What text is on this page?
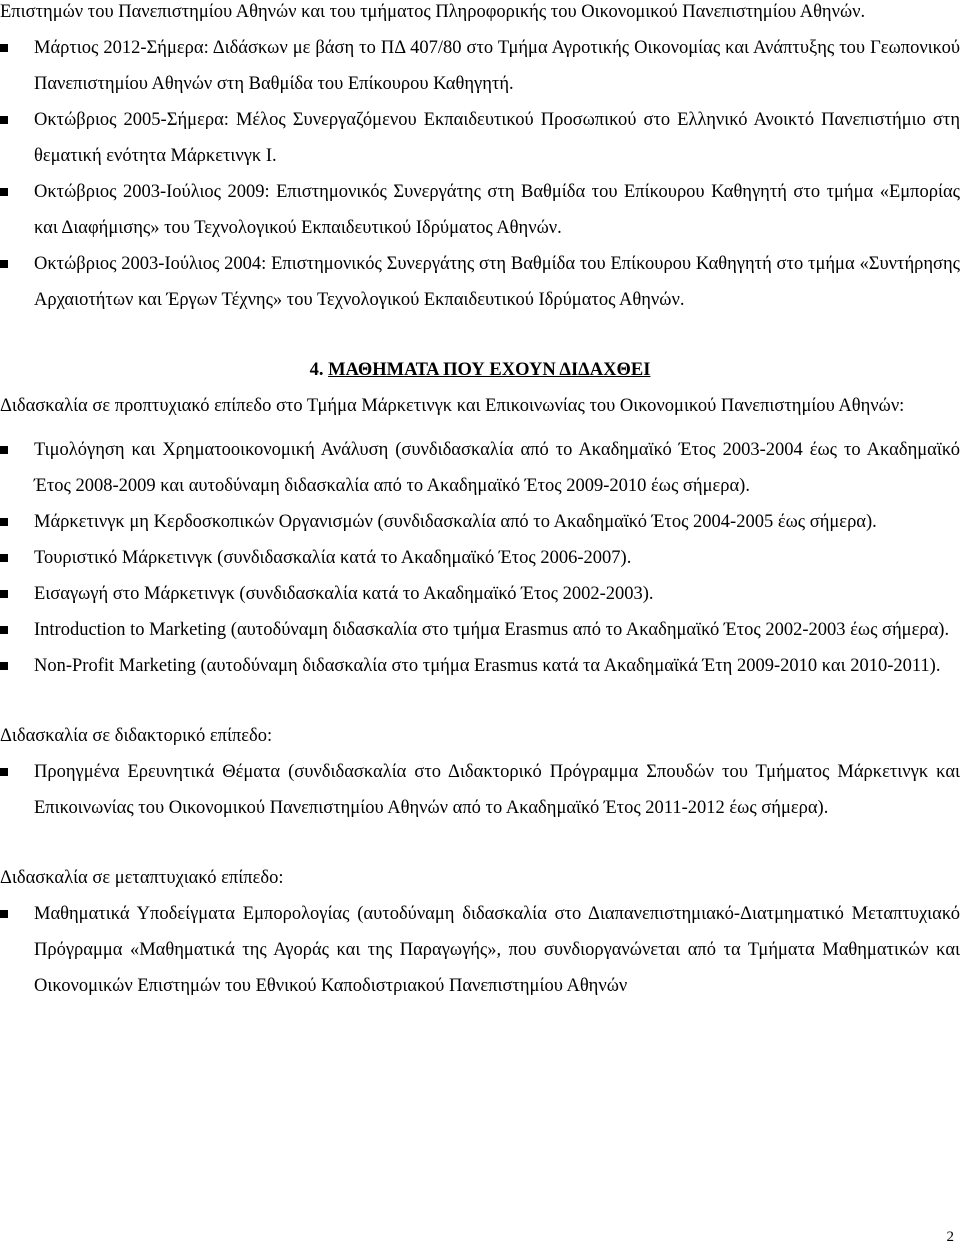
Επιστημών του Πανεπιστημίου Αθηνών και του τμήματος Πληροφορικής του Οικονομικού Πανεπιστημίου Αθηνών.

Μάρτιος 2012-Σήμερα: Διδάσκων με βάση το ΠΔ 407/80 στο Τμήμα Αγροτικής Οικονομίας και Ανάπτυξης του Γεωπονικού Πανεπιστημίου Αθηνών στη Βαθμίδα του Επίκουρου Καθηγητή.
Οκτώβριος 2005-Σήμερα: Μέλος Συνεργαζόμενου Εκπαιδευτικού Προσωπικού στο Ελληνικό Ανοικτό Πανεπιστήμιο στη θεματική ενότητα Μάρκετινγκ Ι.
Οκτώβριος 2003-Ιούλιος 2009: Επιστημονικός Συνεργάτης στη Βαθμίδα του Επίκουρου Καθηγητή στο τμήμα «Εμπορίας και Διαφήμισης» του Τεχνολογικού Εκπαιδευτικού Ιδρύματος Αθηνών.
Οκτώβριος 2003-Ιούλιος 2004: Επιστημονικός Συνεργάτης στη Βαθμίδα του Επίκουρου Καθηγητή στο τμήμα «Συντήρησης Αρχαιοτήτων και Έργων Τέχνης» του Τεχνολογικού Εκπαιδευτικού Ιδρύματος Αθηνών.

4. ΜΑΘΗΜΑΤΑ ΠΟΥ ΕΧΟΥΝ ΔΙΔΑΧΘΕΙ

Διδασκαλία σε προπτυχιακό επίπεδο στο Τμήμα Μάρκετινγκ και Επικοινωνίας του Οικονομικού Πανεπιστημίου Αθηνών:

Τιμολόγηση και Χρηματοοικονομική Ανάλυση (συνδιδασκαλία από το Ακαδημαϊκό Έτος 2003-2004 έως το Ακαδημαϊκό Έτος 2008-2009 και αυτοδύναμη διδασκαλία από το Ακαδημαϊκό Έτος 2009-2010 έως σήμερα).
Μάρκετινγκ μη Κερδοσκοπικών Οργανισμών (συνδιδασκαλία από το Ακαδημαϊκό Έτος 2004-2005 έως σήμερα).
Τουριστικό Μάρκετινγκ (συνδιδασκαλία κατά το Ακαδημαϊκό Έτος 2006-2007).
Εισαγωγή στο Μάρκετινγκ (συνδιδασκαλία κατά το Ακαδημαϊκό Έτος 2002-2003).
Introduction to Marketing (αυτοδύναμη διδασκαλία στο τμήμα Erasmus από το Ακαδημαϊκό Έτος 2002-2003 έως σήμερα).
Non-Profit Marketing (αυτοδύναμη διδασκαλία στο τμήμα Erasmus κατά τα Ακαδημαϊκά Έτη 2009-2010 και 2010-2011).

Διδασκαλία σε διδακτορικό επίπεδο:

Προηγμένα Ερευνητικά Θέματα (συνδιδασκαλία στο Διδακτορικό Πρόγραμμα Σπουδών του Τμήματος Μάρκετινγκ και Επικοινωνίας του Οικονομικού Πανεπιστημίου Αθηνών από το Ακαδημαϊκό Έτος 2011-2012 έως σήμερα).

Διδασκαλία σε μεταπτυχιακό επίπεδο:

Μαθηματικά Υποδείγματα Εμπορολογίας (αυτοδύναμη διδασκαλία στο Διαπανεπιστημιακό-Διατμηματικό Μεταπτυχιακό Πρόγραμμα «Μαθηματικά της Αγοράς και της Παραγωγής», που συνδιοργανώνεται από τα Τμήματα Μαθηματικών και Οικονομικών Επιστημών του Εθνικού Καποδιστριακού Πανεπιστημίου Αθηνών
2
